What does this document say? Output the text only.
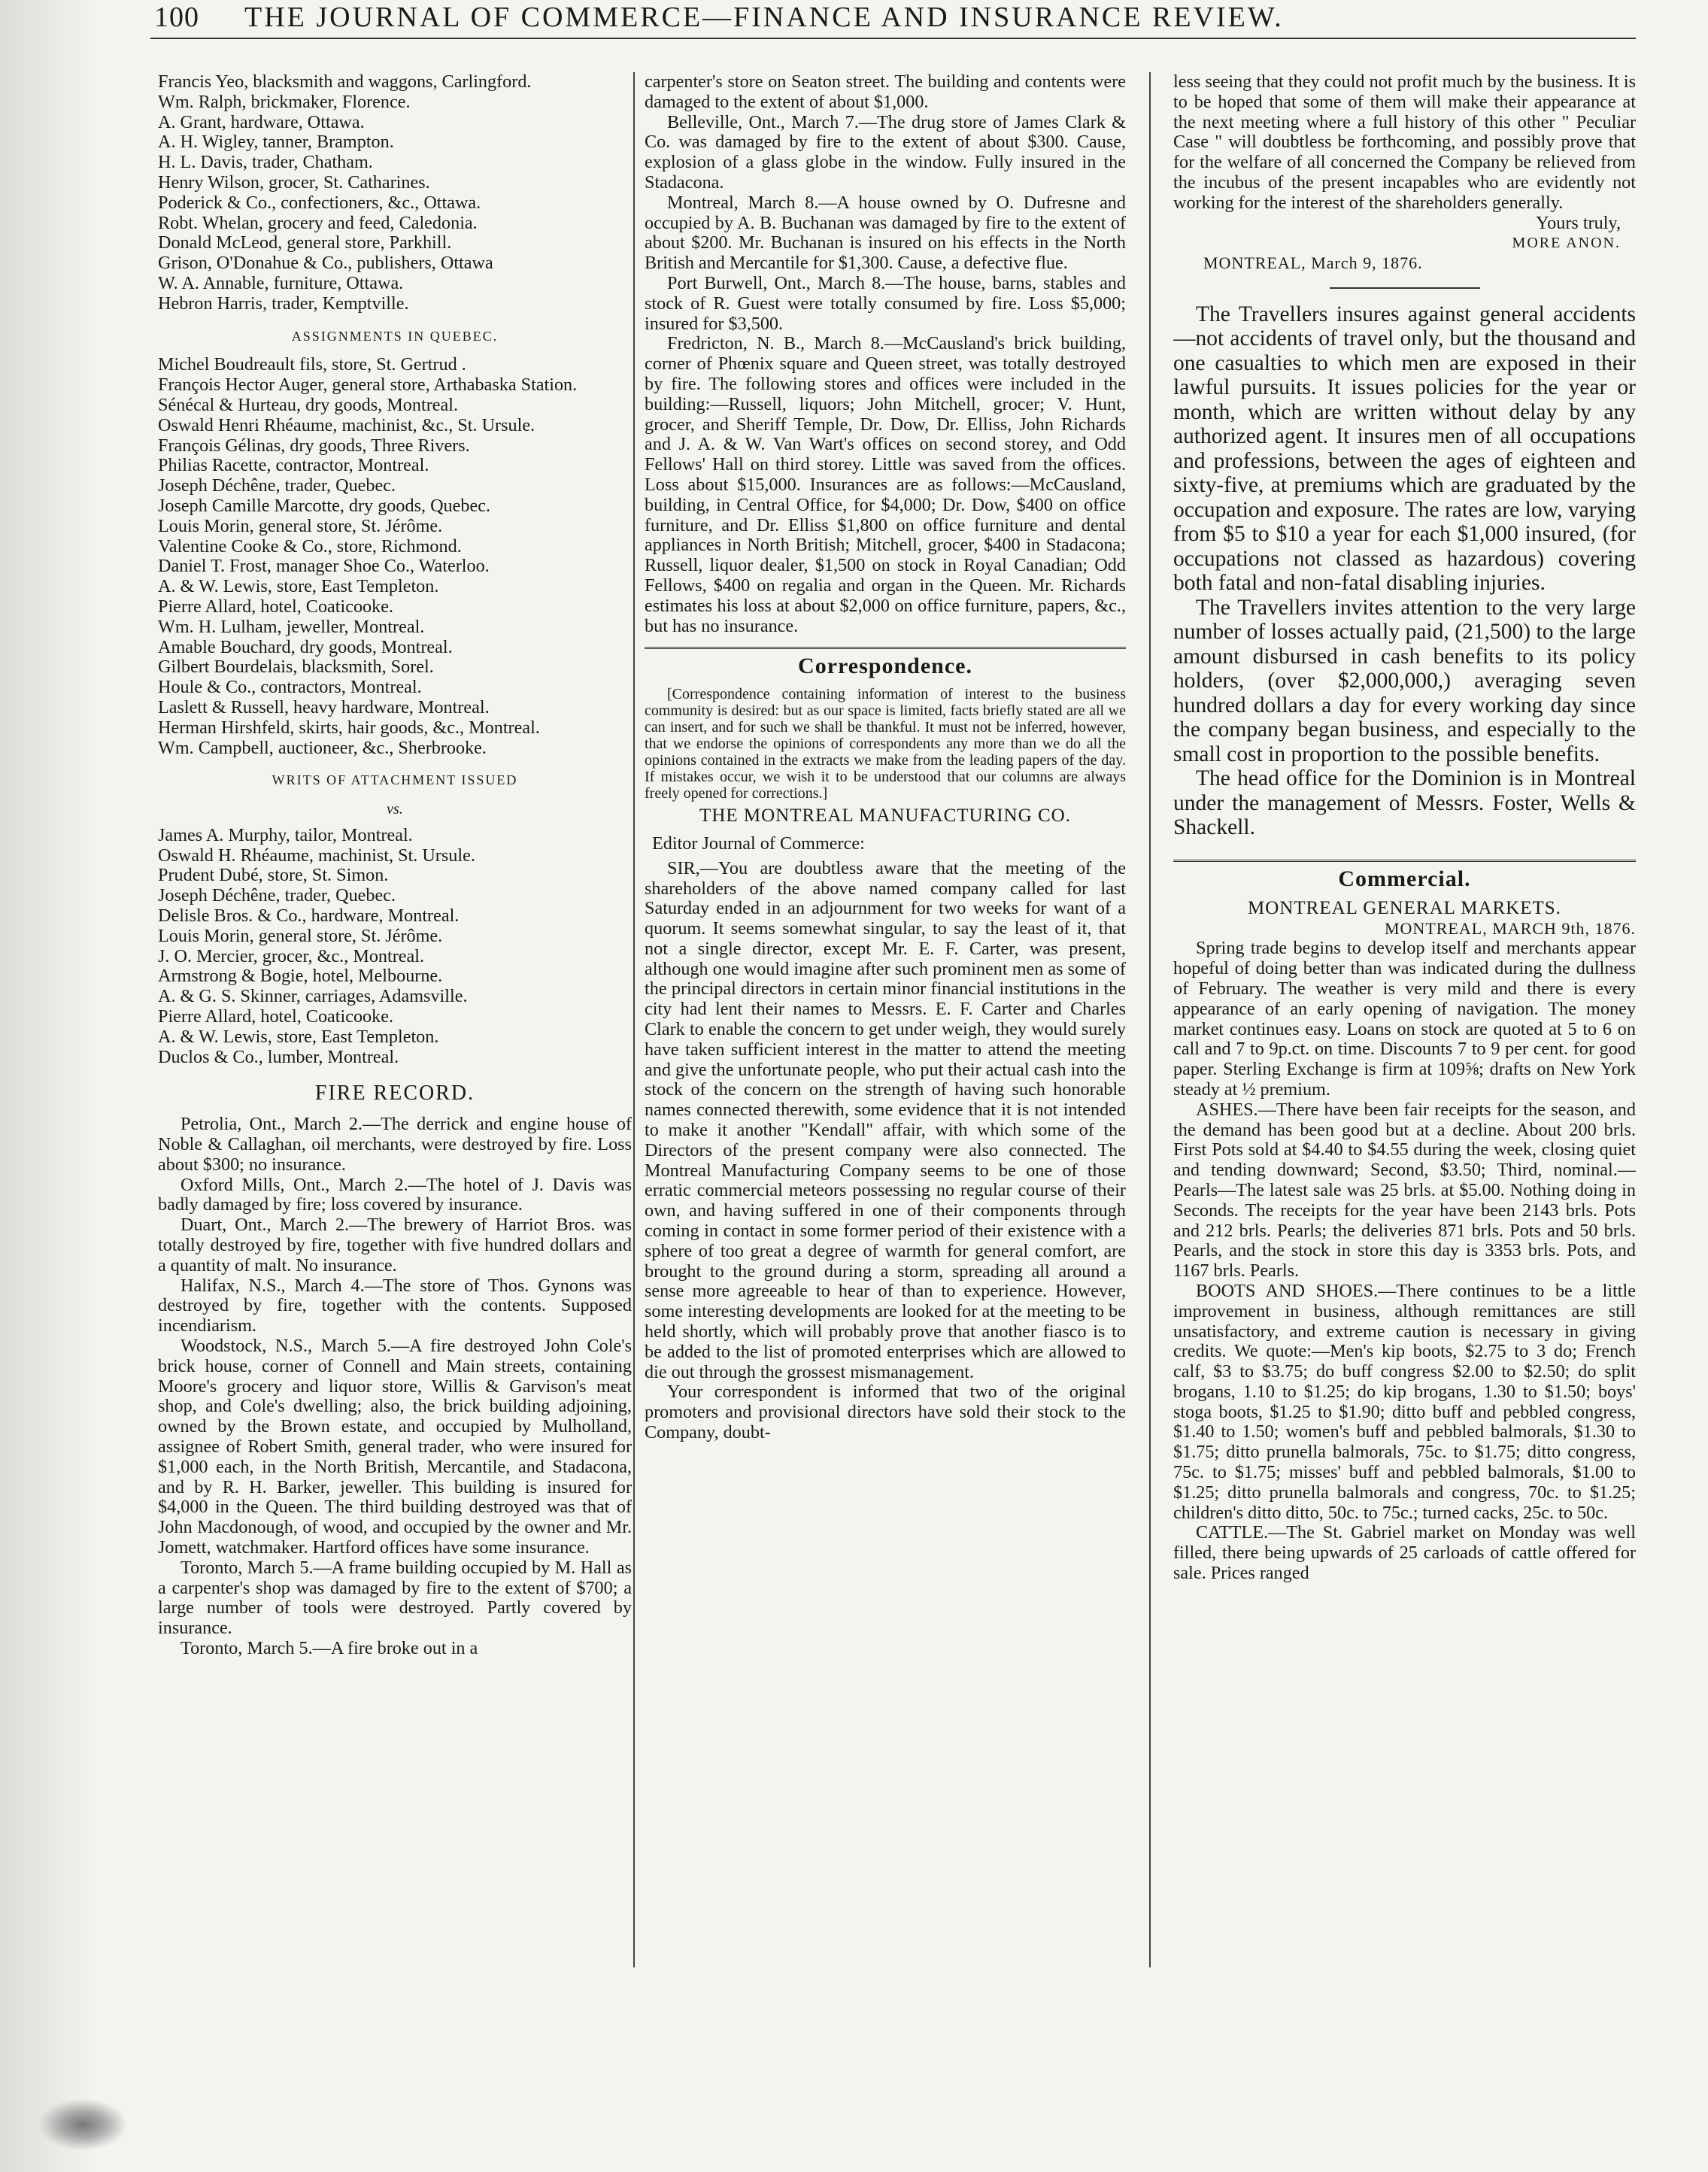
100 THE JOURNAL OF COMMERCE—FINANCE AND INSURANCE REVIEW.

Francis Yeo, blacksmith and waggons, Carlingford.

Wm. Ralph, brickmaker, Florence.

A. Grant, hardware, Ottawa.

A. H. Wigley, tanner, Brampton.

H. L. Davis, trader, Chatham.

Henry Wilson, grocer, St. Catharines.

Poderick & Co., confectioners, &c., Ottawa.

Robt. Whelan, grocery and feed, Caledonia.

Donald McLeod, general store, Parkhill.

Grison, O'Donahue & Co., publishers, Ottawa

W. A. Annable, furniture, Ottawa.

Hebron Harris, trader, Kemptville.

ASSIGNMENTS IN QUEBEC.

Michel Boudreault fils, store, St. Gertrud .

François Hector Auger, general store, Arthabaska Station.

Sénécal & Hurteau, dry goods, Montreal.

Oswald Henri Rhéaume, machinist, &c., St. Ursule.

François Gélinas, dry goods, Three Rivers.

Philias Racette, contractor, Montreal.

Joseph Déchêne, trader, Quebec.

Joseph Camille Marcotte, dry goods, Quebec.

Louis Morin, general store, St. Jérôme.

Valentine Cooke & Co., store, Richmond.

Daniel T. Frost, manager Shoe Co., Waterloo.

A. & W. Lewis, store, East Templeton.

Pierre Allard, hotel, Coaticooke.

Wm. H. Lulham, jeweller, Montreal.

Amable Bouchard, dry goods, Montreal.

Gilbert Bourdelais, blacksmith, Sorel.

Houle & Co., contractors, Montreal.

Laslett & Russell, heavy hardware, Montreal.

Herman Hirshfeld, skirts, hair goods, &c., Montreal.

Wm. Campbell, auctioneer, &c., Sherbrooke.

WRITS OF ATTACHMENT ISSUED

vs.

James A. Murphy, tailor, Montreal.

Oswald H. Rhéaume, machinist, St. Ursule.

Prudent Dubé, store, St. Simon.

Joseph Déchêne, trader, Quebec.

Delisle Bros. & Co., hardware, Montreal.

Louis Morin, general store, St. Jérôme.

J. O. Mercier, grocer, &c., Montreal.

Armstrong & Bogie, hotel, Melbourne.

A. & G. S. Skinner, carriages, Adamsville.

Pierre Allard, hotel, Coaticooke.

A. & W. Lewis, store, East Templeton.

Duclos & Co., lumber, Montreal.

FIRE RECORD.

Petrolia, Ont., March 2.—The derrick and engine house of Noble & Callaghan, oil merchants, were destroyed by fire. Loss about $300; no insurance.

Oxford Mills, Ont., March 2.—The hotel of J. Davis was badly damaged by fire; loss covered by insurance.

Duart, Ont., March 2.—The brewery of Harriot Bros. was totally destroyed by fire, together with five hundred dollars and a quantity of malt. No insurance.

Halifax, N.S., March 4.—The store of Thos. Gynons was destroyed by fire, together with the contents. Supposed incendiarism.

Woodstock, N.S., March 5.—A fire destroyed John Cole's brick house, corner of Connell and Main streets, containing Moore's grocery and liquor store, Willis & Garvison's meat shop, and Cole's dwelling; also, the brick building adjoining, owned by the Brown estate, and occupied by Mulholland, assignee of Robert Smith, general trader, who were insured for $1,000 each, in the North British, Mercantile, and Stadacona, and by R. H. Barker, jeweller. This building is insured for $4,000 in the Queen. The third building destroyed was that of John Macdonough, of wood, and occupied by the owner and Mr. Jomett, watchmaker. Hartford offices have some insurance.

Toronto, March 5.—A frame building occupied by M. Hall as a carpenter's shop was damaged by fire to the extent of $700; a large number of tools were destroyed. Partly covered by insurance.

Toronto, March 5.—A fire broke out in a

carpenter's store on Seaton street. The building and contents were damaged to the extent of about $1,000.

Belleville, Ont., March 7.—The drug store of James Clark & Co. was damaged by fire to the extent of about $300. Cause, explosion of a glass globe in the window. Fully insured in the Stadacona.

Montreal, March 8.—A house owned by O. Dufresne and occupied by A. B. Buchanan was damaged by fire to the extent of about $200. Mr. Buchanan is insured on his effects in the North British and Mercantile for $1,300. Cause, a defective flue.

Port Burwell, Ont., March 8.—The house, barns, stables and stock of R. Guest were totally consumed by fire. Loss $5,000; insured for $3,500.

Fredricton, N. B., March 8.—McCausland's brick building, corner of Phœnix square and Queen street, was totally destroyed by fire. The following stores and offices were included in the building:—Russell, liquors; John Mitchell, grocer; V. Hunt, grocer, and Sheriff Temple, Dr. Dow, Dr. Elliss, John Richards and J. A. & W. Van Wart's offices on second storey, and Odd Fellows' Hall on third storey. Little was saved from the offices. Loss about $15,000. Insurances are as follows:—McCausland, building, in Central Office, for $4,000; Dr. Dow, $400 on office furniture, and Dr. Elliss $1,800 on office furniture and dental appliances in North British; Mitchell, grocer, $400 in Stadacona; Russell, liquor dealer, $1,500 on stock in Royal Canadian; Odd Fellows, $400 on regalia and organ in the Queen. Mr. Richards estimates his loss at about $2,000 on office furniture, papers, &c., but has no insurance.

Correspondence.

[Correspondence containing information of interest to the business community is desired: but as our space is limited, facts briefly stated are all we can insert, and for such we shall be thankful. It must not be inferred, however, that we endorse the opinions of correspondents any more than we do all the opinions contained in the extracts we make from the leading papers of the day. If mistakes occur, we wish it to be understood that our columns are always freely opened for corrections.]

THE MONTREAL MANUFACTURING CO.

Editor Journal of Commerce:

SIR,—You are doubtless aware that the meeting of the shareholders of the above named company called for last Saturday ended in an adjournment for two weeks for want of a quorum. It seems somewhat singular, to say the least of it, that not a single director, except Mr. E. F. Carter, was present, although one would imagine after such prominent men as some of the principal directors in certain minor financial institutions in the city had lent their names to Messrs. E. F. Carter and Charles Clark to enable the concern to get under weigh, they would surely have taken sufficient interest in the matter to attend the meeting and give the unfortunate people, who put their actual cash into the stock of the concern on the strength of having such honorable names connected therewith, some evidence that it is not intended to make it another "Kendall" affair, with which some of the Directors of the present company were also connected. The Montreal Manufacturing Company seems to be one of those erratic commercial meteors possessing no regular course of their own, and having suffered in one of their components through coming in contact in some former period of their existence with a sphere of too great a degree of warmth for general comfort, are brought to the ground during a storm, spreading all around a sense more agreeable to hear of than to experience. However, some interesting developments are looked for at the meeting to be held shortly, which will probably prove that another fiasco is to be added to the list of promoted enterprises which are allowed to die out through the grossest mismanagement.

Your correspondent is informed that two of the original promoters and provisional directors have sold their stock to the Company, doubt-

less seeing that they could not profit much by the business. It is to be hoped that some of them will make their appearance at the next meeting where a full history of this other " Peculiar Case " will doubtless be forthcoming, and possibly prove that for the welfare of all concerned the Company be relieved from the incubus of the present incapables who are evidently not working for the interest of the shareholders generally.

Yours truly,

MORE ANON.

MONTREAL, March 9, 1876.

The Travellers insures against general accidents—not accidents of travel only, but the thousand and one casualties to which men are exposed in their lawful pursuits. It issues policies for the year or month, which are written without delay by any authorized agent. It insures men of all occupations and professions, between the ages of eighteen and sixty-five, at premiums which are graduated by the occupation and exposure. The rates are low, varying from $5 to $10 a year for each $1,000 insured, (for occupations not classed as hazardous) covering both fatal and non-fatal disabling injuries.

The Travellers invites attention to the very large number of losses actually paid, (21,500) to the large amount disbursed in cash benefits to its policy holders, (over $2,000,000,) averaging seven hundred dollars a day for every working day since the company began business, and especially to the small cost in proportion to the possible benefits.

The head office for the Dominion is in Montreal under the management of Messrs. Foster, Wells & Shackell.

Commercial.

MONTREAL GENERAL MARKETS.

MONTREAL, MARCH 9th, 1876.

Spring trade begins to develop itself and merchants appear hopeful of doing better than was indicated during the dullness of February. The weather is very mild and there is every appearance of an early opening of navigation. The money market continues easy. Loans on stock are quoted at 5 to 6 on call and 7 to 9p.ct. on time. Discounts 7 to 9 per cent. for good paper. Sterling Exchange is firm at 109⅝; drafts on New York steady at ½ premium.

ASHES.—There have been fair receipts for the season, and the demand has been good but at a decline. About 200 brls. First Pots sold at $4.40 to $4.55 during the week, closing quiet and tending downward; Second, $3.50; Third, nominal.—Pearls—The latest sale was 25 brls. at $5.00. Nothing doing in Seconds. The receipts for the year have been 2143 brls. Pots and 212 brls. Pearls; the deliveries 871 brls. Pots and 50 brls. Pearls, and the stock in store this day is 3353 brls. Pots, and 1167 brls. Pearls.

BOOTS AND SHOES.—There continues to be a little improvement in business, although remittances are still unsatisfactory, and extreme caution is necessary in giving credits. We quote:—Men's kip boots, $2.75 to 3 do; French calf, $3 to $3.75; do buff congress $2.00 to $2.50; do split brogans, 1.10 to $1.25; do kip brogans, 1.30 to $1.50; boys' stoga boots, $1.25 to $1.90; ditto buff and pebbled congress, $1.40 to 1.50; women's buff and pebbled balmorals, $1.30 to $1.75; ditto prunella balmorals, 75c. to $1.75; ditto congress, 75c. to $1.75; misses' buff and pebbled balmorals, $1.00 to $1.25; ditto prunella balmorals and congress, 70c. to $1.25; children's ditto ditto, 50c. to 75c.; turned cacks, 25c. to 50c.

CATTLE.—The St. Gabriel market on Monday was well filled, there being upwards of 25 carloads of cattle offered for sale. Prices ranged
